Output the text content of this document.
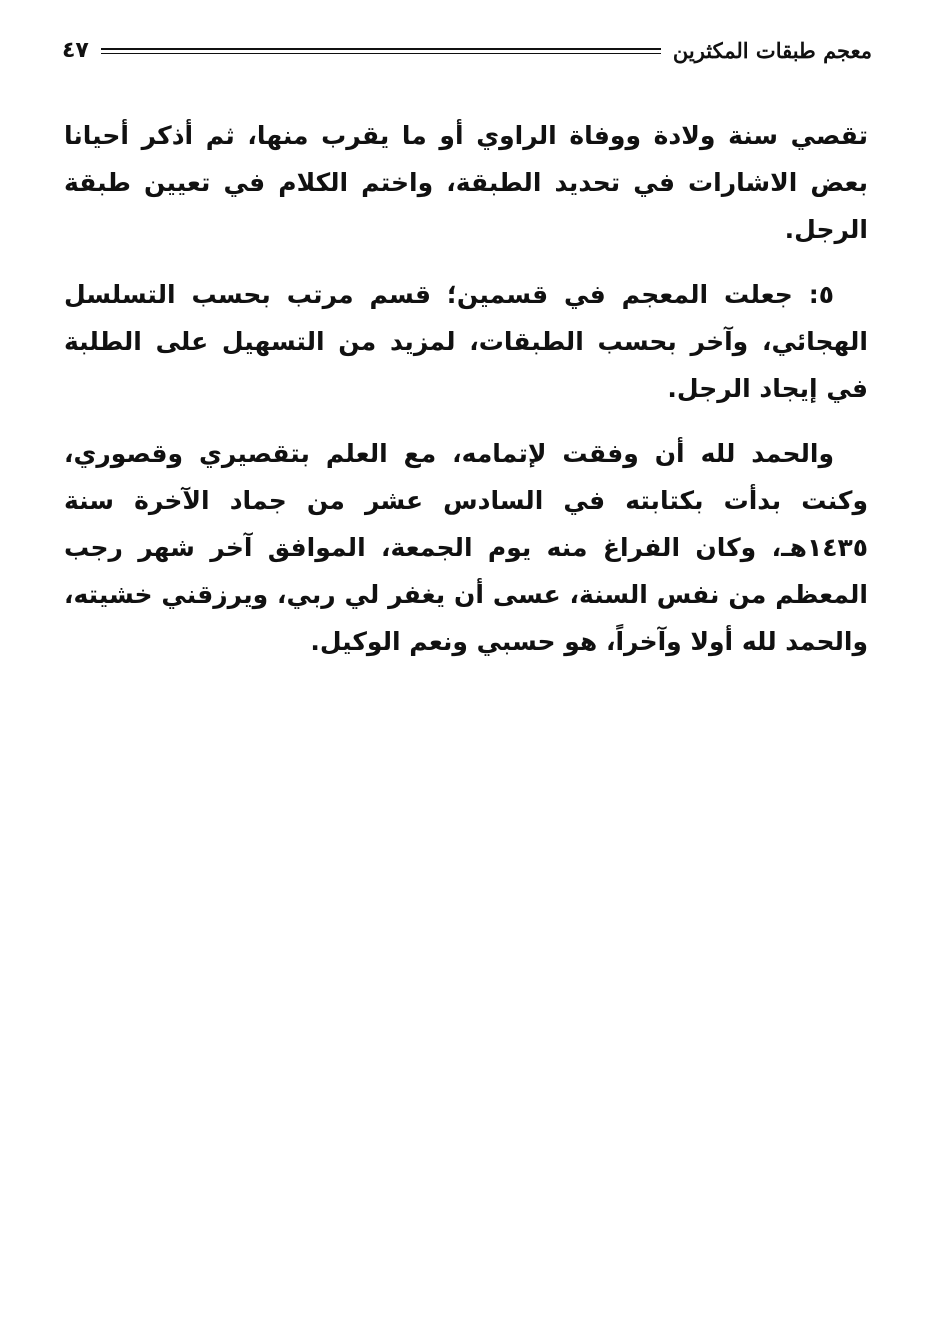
معجم طبقات المكثرين
٤٧

تقصي سنة ولادة ووفاة الراوي أو ما يقرب منها، ثم أذكر أحيانا بعض الاشارات في تحديد الطبقة، واختم الكلام في تعيين طبقة الرجل.

٥: جعلت المعجم في قسمين؛ قسم مرتب بحسب التسلسل الهجائي، وآخر بحسب الطبقات، لمزيد من التسهيل على الطلبة في إيجاد الرجل.

والحمد لله أن وفقت لإتمامه، مع العلم بتقصيري وقصوري، وكنت بدأت بكتابته في السادس عشر من جماد الآخرة سنة ١٤٣٥هـ، وكان الفراغ منه يوم الجمعة، الموافق آخر شهر رجب المعظم من نفس السنة، عسى أن يغفر لي ربي، ويرزقني خشيته، والحمد لله أولا وآخراً، هو حسبي ونعم الوكيل.
